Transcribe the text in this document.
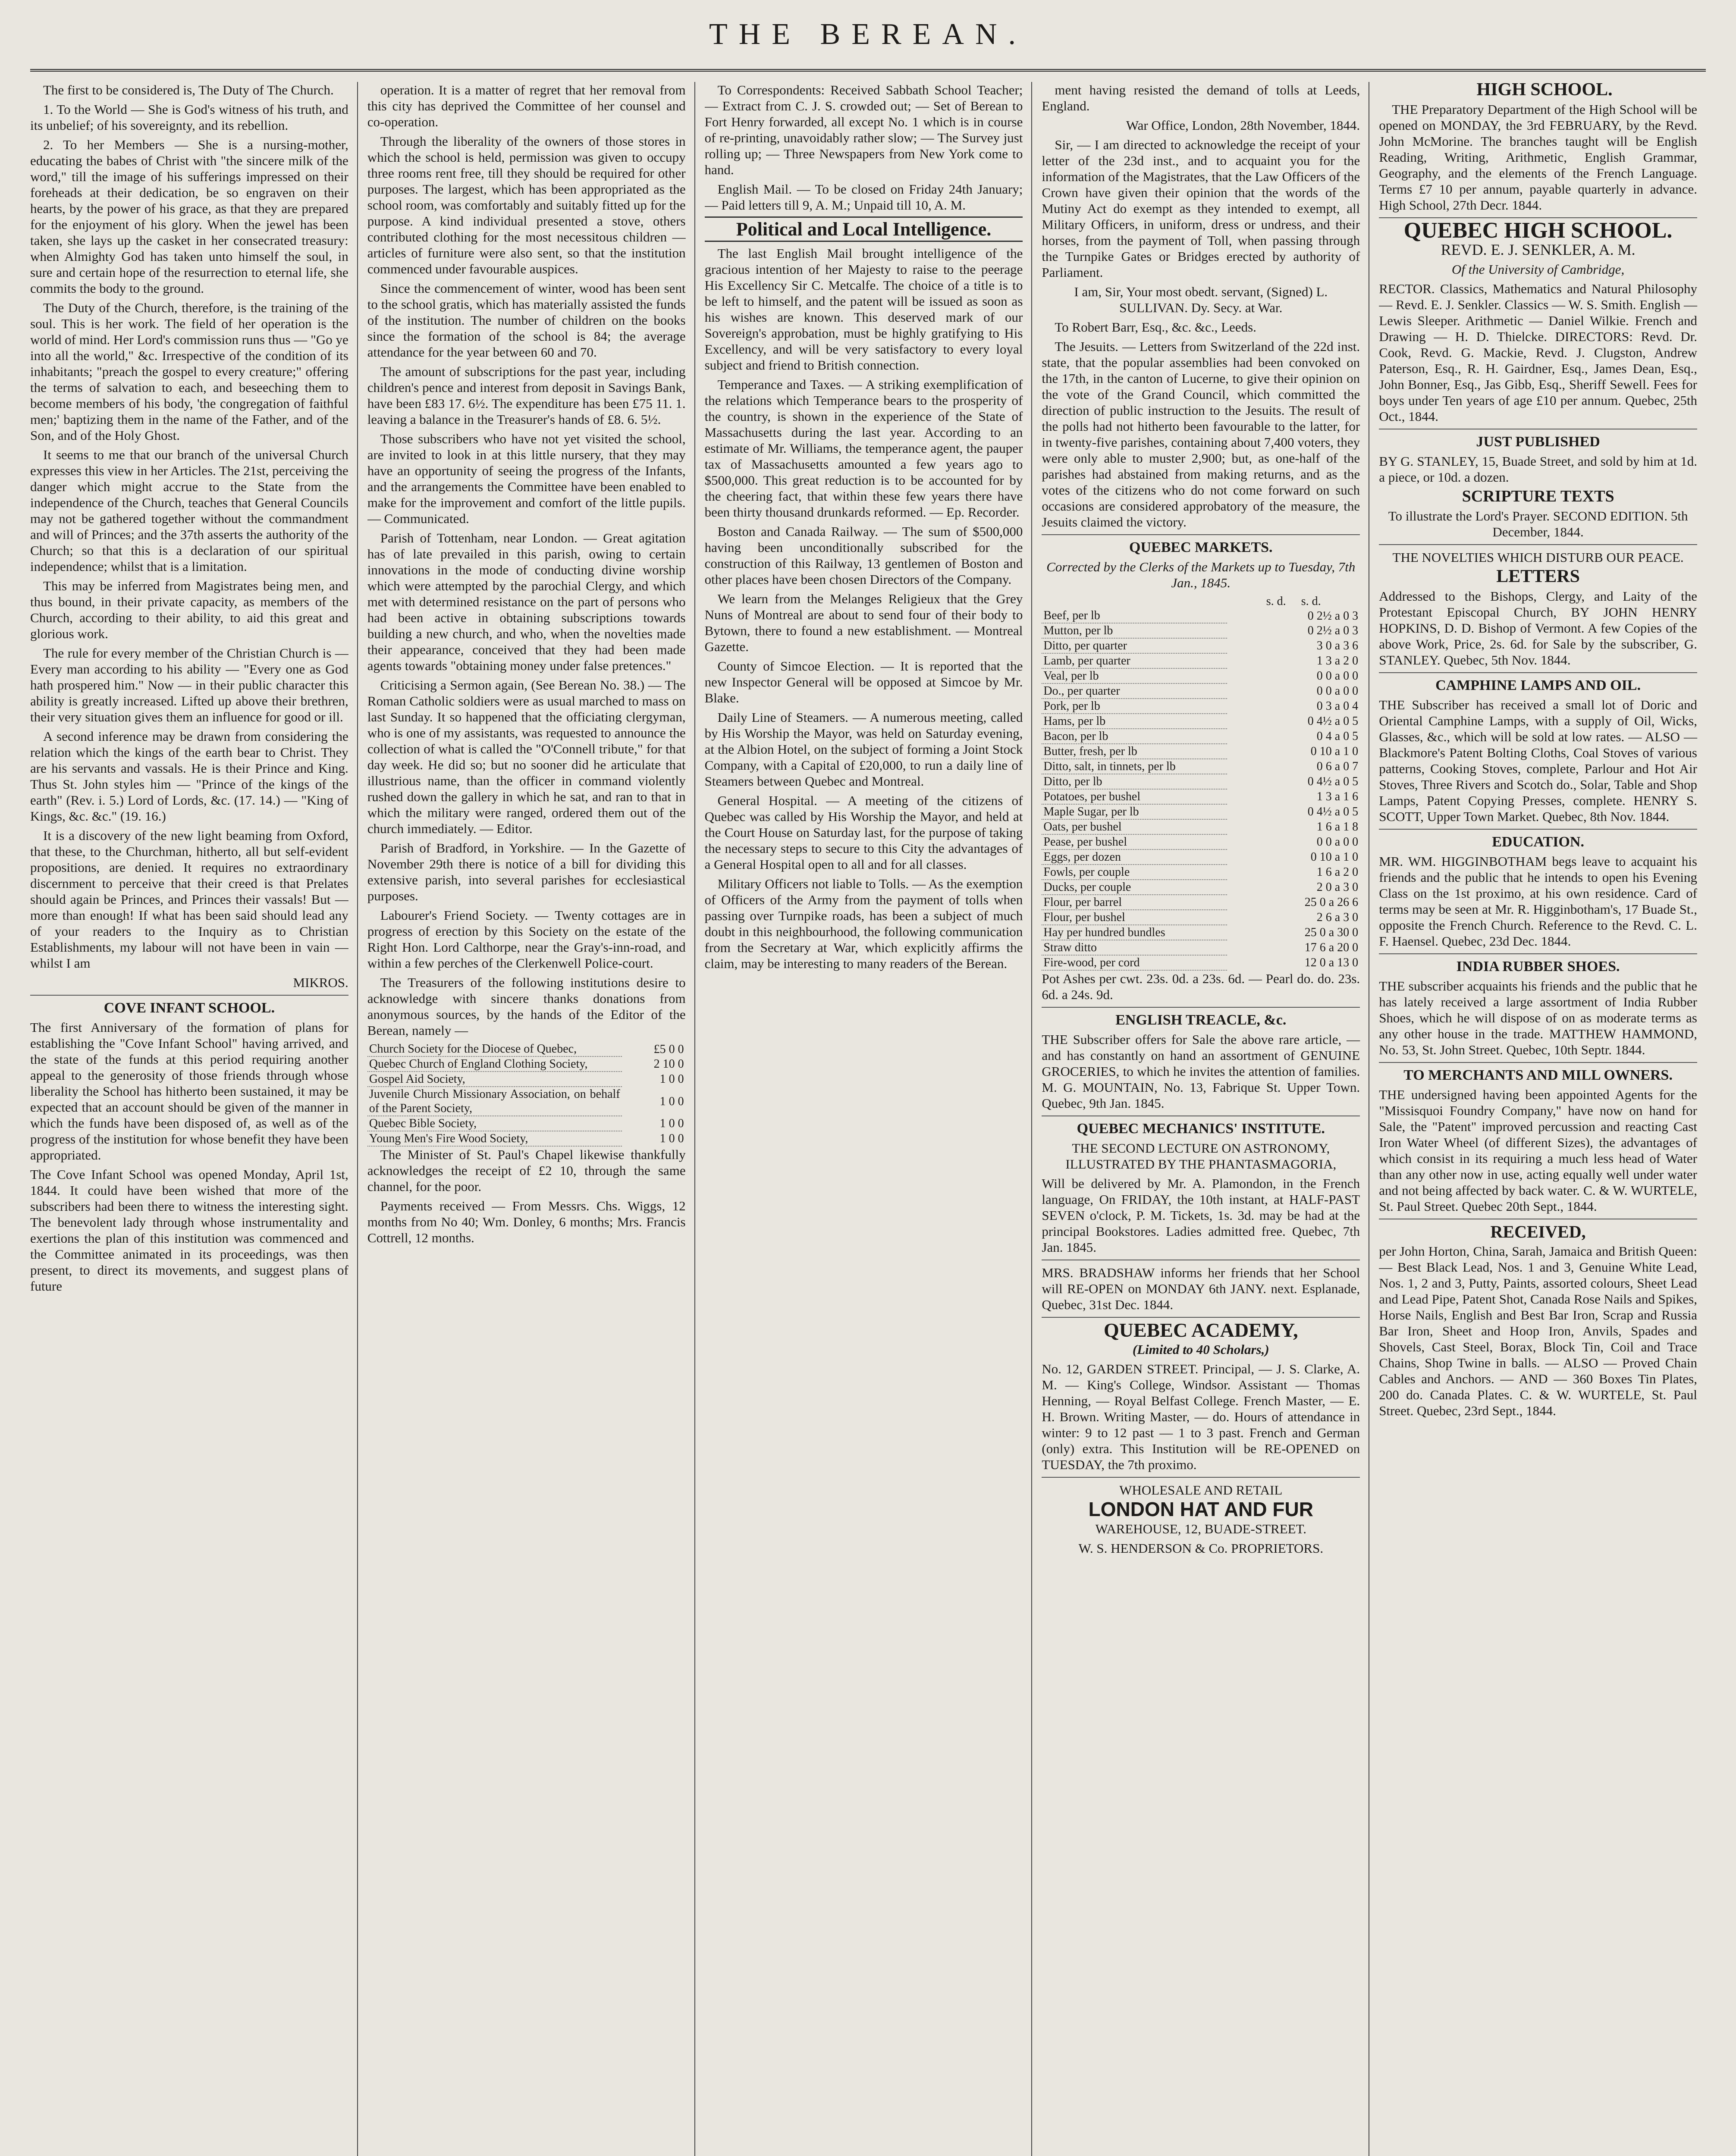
THE BEREAN.

The first to be considered is, The Duty of The Church.

1. To the World — She is God's witness of his truth, and its unbelief; of his sovereignty, and its rebellion.

2. To her Members — She is a nursing-mother, educating the babes of Christ with "the sincere milk of the word," till the image of his sufferings impressed on their foreheads at their dedication, be so engraven on their hearts, by the power of his grace, as that they are prepared for the enjoyment of his glory. When the jewel has been taken, she lays up the casket in her consecrated treasury: when Almighty God has taken unto himself the soul, in sure and certain hope of the resurrection to eternal life, she commits the body to the ground.

The Duty of the Church, therefore, is the training of the soul. This is her work. The field of her operation is the world of mind. Her Lord's commission runs thus — "Go ye into all the world," &c. Irrespective of the condition of its inhabitants; "preach the gospel to every creature;" offering the terms of salvation to each, and beseeching them to become members of his body, 'the congregation of faithful men;' baptizing them in the name of the Father, and of the Son, and of the Holy Ghost.

It seems to me that our branch of the universal Church expresses this view in her Articles. The 21st, perceiving the danger which might accrue to the State from the independence of the Church, teaches that General Councils may not be gathered together without the commandment and will of Princes; and the 37th asserts the authority of the Church; so that this is a declaration of our spiritual independence; whilst that is a limitation.

This may be inferred from Magistrates being men, and thus bound, in their private capacity, as members of the Church, according to their ability, to aid this great and glorious work.

The rule for every member of the Christian Church is — Every man according to his ability — "Every one as God hath prospered him." Now — in their public character this ability is greatly increased. Lifted up above their brethren, their very situation gives them an influence for good or ill.

A second inference may be drawn from considering the relation which the kings of the earth bear to Christ. They are his servants and vassals. He is their Prince and King. Thus St. John styles him — "Prince of the kings of the earth" (Rev. i. 5.) Lord of Lords, &c. (17. 14.) — "King of Kings, &c. &c." (19. 16.)

It is a discovery of the new light beaming from Oxford, that these, to the Churchman, hitherto, all but self-evident propositions, are denied. It requires no extraordinary discernment to perceive that their creed is that Prelates should again be Princes, and Princes their vassals! But — more than enough! If what has been said should lead any of your readers to the Inquiry as to Christian Establishments, my labour will not have been in vain — whilst I am

MIKROS.

COVE INFANT SCHOOL.

The first Anniversary of the formation of plans for establishing the "Cove Infant School" having arrived, and the state of the funds at this period requiring another appeal to the generosity of those friends through whose liberality the School has hitherto been sustained, it may be expected that an account should be given of the manner in which the funds have been disposed of, as well as of the progress of the institution for whose benefit they have been appropriated.

The Cove Infant School was opened Monday, April 1st, 1844. It could have been wished that more of the subscribers had been there to witness the interesting sight. The benevolent lady through whose instrumentality and exertions the plan of this institution was commenced and the Committee animated in its proceedings, was then present, to direct its movements, and suggest plans of future

operation. It is a matter of regret that her removal from this city has deprived the Committee of her counsel and co-operation.

Through the liberality of the owners of those stores in which the school is held, permission was given to occupy three rooms rent free, till they should be required for other purposes. The largest, which has been appropriated as the school room, was comfortably and suitably fitted up for the purpose. A kind individual presented a stove, others contributed clothing for the most necessitous children — articles of furniture were also sent, so that the institution commenced under favourable auspices.

Since the commencement of winter, wood has been sent to the school gratis, which has materially assisted the funds of the institution. The number of children on the books since the formation of the school is 84; the average attendance for the year between 60 and 70.

The amount of subscriptions for the past year, including children's pence and interest from deposit in Savings Bank, have been £83 17. 6½. The expenditure has been £75 11. 1. leaving a balance in the Treasurer's hands of £8. 6. 5½.

Those subscribers who have not yet visited the school, are invited to look in at this little nursery, that they may have an opportunity of seeing the progress of the Infants, and the arrangements the Committee have been enabled to make for the improvement and comfort of the little pupils. — Communicated.

Parish of Tottenham, near London. — Great agitation has of late prevailed in this parish, owing to certain innovations in the mode of conducting divine worship which were attempted by the parochial Clergy, and which met with determined resistance on the part of persons who had been active in obtaining subscriptions towards building a new church, and who, when the novelties made their appearance, conceived that they had been made agents towards "obtaining money under false pretences."

Criticising a Sermon again, (See Berean No. 38.) — The Roman Catholic soldiers were as usual marched to mass on last Sunday. It so happened that the officiating clergyman, who is one of my assistants, was requested to announce the collection of what is called the "O'Connell tribute," for that day week. He did so; but no sooner did he articulate that illustrious name, than the officer in command violently rushed down the gallery in which he sat, and ran to that in which the military were ranged, ordered them out of the church immediately. — Editor.

Parish of Bradford, in Yorkshire. — In the Gazette of November 29th there is notice of a bill for dividing this extensive parish, into several parishes for ecclesiastical purposes.

Labourer's Friend Society. — Twenty cottages are in progress of erection by this Society on the estate of the Right Hon. Lord Calthorpe, near the Gray's-inn-road, and within a few perches of the Clerkenwell Police-court.

The Treasurers of the following institutions desire to acknowledge with sincere thanks donations from anonymous sources, by the hands of the Editor of the Berean, namely —

Church Society for the Diocese of Quebec,	£5 0 0
Quebec Church of England Clothing Society,	2 10 0
Gospel Aid Society,	1 0 0
Juvenile Church Missionary Association, on behalf of the Parent Society,	1 0 0
Quebec Bible Society,	1 0 0
Young Men's Fire Wood Society,	1 0 0

The Minister of St. Paul's Chapel likewise thankfully acknowledges the receipt of £2 10, through the same channel, for the poor.

Payments received — From Messrs. Chs. Wiggs, 12 months from No 40; Wm. Donley, 6 months; Mrs. Francis Cottrell, 12 months.

To Correspondents: Received Sabbath School Teacher; — Extract from C. J. S. crowded out; — Set of Berean to Fort Henry forwarded, all except No. 1 which is in course of re-printing, unavoidably rather slow; — The Survey just rolling up; — Three Newspapers from New York come to hand.

English Mail. — To be closed on Friday 24th January; — Paid letters till 9, A. M.; Unpaid till 10, A. M.

Political and Local Intelligence.

The last English Mail brought intelligence of the gracious intention of her Majesty to raise to the peerage His Excellency Sir C. Metcalfe. The choice of a title is to be left to himself, and the patent will be issued as soon as his wishes are known. This deserved mark of our Sovereign's approbation, must be highly gratifying to His Excellency, and will be very satisfactory to every loyal subject and friend to British connection.

Temperance and Taxes. — A striking exemplification of the relations which Temperance bears to the prosperity of the country, is shown in the experience of the State of Massachusetts during the last year. According to an estimate of Mr. Williams, the temperance agent, the pauper tax of Massachusetts amounted a few years ago to $500,000. This great reduction is to be accounted for by the cheering fact, that within these few years there have been thirty thousand drunkards reformed. — Ep. Recorder.

Boston and Canada Railway. — The sum of $500,000 having been unconditionally subscribed for the construction of this Railway, 13 gentlemen of Boston and other places have been chosen Directors of the Company.

We learn from the Melanges Religieux that the Grey Nuns of Montreal are about to send four of their body to Bytown, there to found a new establishment. — Montreal Gazette.

County of Simcoe Election. — It is reported that the new Inspector General will be opposed at Simcoe by Mr. Blake.

Daily Line of Steamers. — A numerous meeting, called by His Worship the Mayor, was held on Saturday evening, at the Albion Hotel, on the subject of forming a Joint Stock Company, with a Capital of £20,000, to run a daily line of Steamers between Quebec and Montreal.

General Hospital. — A meeting of the citizens of Quebec was called by His Worship the Mayor, and held at the Court House on Saturday last, for the purpose of taking the necessary steps to secure to this City the advantages of a General Hospital open to all and for all classes.

Military Officers not liable to Tolls. — As the exemption of Officers of the Army from the payment of tolls when passing over Turnpike roads, has been a subject of much doubt in this neighbourhood, the following communication from the Secretary at War, which explicitly affirms the claim, may be interesting to many readers of the Berean.

ment having resisted the demand of tolls at Leeds, England.

War Office, London, 28th November, 1844.

Sir, — I am directed to acknowledge the receipt of your letter of the 23d inst., and to acquaint you for the information of the Magistrates, that the Law Officers of the Crown have given their opinion that the words of the Mutiny Act do exempt as they intended to exempt, all Military Officers, in uniform, dress or undress, and their horses, from the payment of Toll, when passing through the Turnpike Gates or Bridges erected by authority of Parliament.

I am, Sir, Your most obedt. servant, (Signed) L. SULLIVAN. Dy. Secy. at War.

To Robert Barr, Esq., &c. &c., Leeds.

The Jesuits. — Letters from Switzerland of the 22d inst. state, that the popular assemblies had been convoked on the 17th, in the canton of Lucerne, to give their opinion on the vote of the Grand Council, which committed the direction of public instruction to the Jesuits. The result of the polls had not hitherto been favourable to the latter, for in twenty-five parishes, containing about 7,400 voters, they were only able to muster 2,900; but, as one-half of the parishes had abstained from making returns, and as the votes of the citizens who do not come forward on such occasions are considered approbatory of the measure, the Jesuits claimed the victory.

QUEBEC MARKETS.

Corrected by the Clerks of the Markets up to Tuesday, 7th Jan., 1845.

	s. d. s. d.
Beef, per lb	0 2½ a 0 3
Mutton, per lb	0 2½ a 0 3
Ditto, per quarter	3 0 a 3 6
Lamb, per quarter	1 3 a 2 0
Veal, per lb	0 0 a 0 0
Do., per quarter	0 0 a 0 0
Pork, per lb	0 3 a 0 4
Hams, per lb	0 4½ a 0 5
Bacon, per lb	0 4 a 0 5
Butter, fresh, per lb	0 10 a 1 0
Ditto, salt, in tinnets, per lb	0 6 a 0 7
Ditto, per lb	0 4½ a 0 5
Potatoes, per bushel	1 3 a 1 6
Maple Sugar, per lb	0 4½ a 0 5
Oats, per bushel	1 6 a 1 8
Pease, per bushel	0 0 a 0 0
Eggs, per dozen	0 10 a 1 0
Fowls, per couple	1 6 a 2 0
Ducks, per couple	2 0 a 3 0
Flour, per barrel	25 0 a 26 6
Flour, per bushel	2 6 a 3 0
Hay per hundred bundles	25 0 a 30 0
Straw ditto	17 6 a 20 0
Fire-wood, per cord	12 0 a 13 0

Pot Ashes per cwt. 23s. 0d. a 23s. 6d. — Pearl do. do. 23s. 6d. a 24s. 9d.

ENGLISH TREACLE, &c.

THE Subscriber offers for Sale the above rare article, — and has constantly on hand an assortment of GENUINE GROCERIES, to which he invites the attention of families. M. G. MOUNTAIN, No. 13, Fabrique St. Upper Town. Quebec, 9th Jan. 1845.

QUEBEC MECHANICS' INSTITUTE.

THE SECOND LECTURE ON ASTRONOMY, ILLUSTRATED BY THE PHANTASMAGORIA,

Will be delivered by Mr. A. Plamondon, in the French language, On FRIDAY, the 10th instant, at HALF-PAST SEVEN o'clock, P. M. Tickets, 1s. 3d. may be had at the principal Bookstores. Ladies admitted free. Quebec, 7th Jan. 1845.

MRS. BRADSHAW informs her friends that her School will RE-OPEN on MONDAY 6th JANY. next. Esplanade, Quebec, 31st Dec. 1844.

QUEBEC ACADEMY,

(Limited to 40 Scholars,)

No. 12, GARDEN STREET. Principal, — J. S. Clarke, A. M. — King's College, Windsor. Assistant — Thomas Henning, — Royal Belfast College. French Master, — E. H. Brown. Writing Master, — do. Hours of attendance in winter: 9 to 12 past — 1 to 3 past. French and German (only) extra. This Institution will be RE-OPENED on TUESDAY, the 7th proximo.

WHOLESALE AND RETAIL

LONDON HAT AND FUR

WAREHOUSE, 12, BUADE-STREET.

W. S. HENDERSON & Co. PROPRIETORS.

HIGH SCHOOL.

THE Preparatory Department of the High School will be opened on MONDAY, the 3rd FEBRUARY, by the Revd. John McMorine. The branches taught will be English Reading, Writing, Arithmetic, English Grammar, Geography, and the elements of the French Language. Terms £7 10 per annum, payable quarterly in advance. High School, 27th Decr. 1844.

QUEBEC HIGH SCHOOL.

REVD. E. J. SENKLER, A. M.

Of the University of Cambridge,

RECTOR. Classics, Mathematics and Natural Philosophy — Revd. E. J. Senkler. Classics — W. S. Smith. English — Lewis Sleeper. Arithmetic — Daniel Wilkie. French and Drawing — H. D. Thielcke. DIRECTORS: Revd. Dr. Cook, Revd. G. Mackie, Revd. J. Clugston, Andrew Paterson, Esq., R. H. Gairdner, Esq., James Dean, Esq., John Bonner, Esq., Jas Gibb, Esq., Sheriff Sewell. Fees for boys under Ten years of age £10 per annum. Quebec, 25th Oct., 1844.

JUST PUBLISHED

BY G. STANLEY, 15, Buade Street, and sold by him at 1d. a piece, or 10d. a dozen.

SCRIPTURE TEXTS

To illustrate the Lord's Prayer. SECOND EDITION. 5th December, 1844.

THE NOVELTIES WHICH DISTURB OUR PEACE.

LETTERS

Addressed to the Bishops, Clergy, and Laity of the Protestant Episcopal Church, BY JOHN HENRY HOPKINS, D. D. Bishop of Vermont. A few Copies of the above Work, Price, 2s. 6d. for Sale by the subscriber, G. STANLEY. Quebec, 5th Nov. 1844.

CAMPHINE LAMPS AND OIL.

THE Subscriber has received a small lot of Doric and Oriental Camphine Lamps, with a supply of Oil, Wicks, Glasses, &c., which will be sold at low rates. — ALSO — Blackmore's Patent Bolting Cloths, Coal Stoves of various patterns, Cooking Stoves, complete, Parlour and Hot Air Stoves, Three Rivers and Scotch do., Solar, Table and Shop Lamps, Patent Copying Presses, complete. HENRY S. SCOTT, Upper Town Market. Quebec, 8th Nov. 1844.

EDUCATION.

MR. WM. HIGGINBOTHAM begs leave to acquaint his friends and the public that he intends to open his Evening Class on the 1st proximo, at his own residence. Card of terms may be seen at Mr. R. Higginbotham's, 17 Buade St., opposite the French Church. Reference to the Revd. C. L. F. Haensel. Quebec, 23d Dec. 1844.

INDIA RUBBER SHOES.

THE subscriber acquaints his friends and the public that he has lately received a large assortment of India Rubber Shoes, which he will dispose of on as moderate terms as any other house in the trade. MATTHEW HAMMOND, No. 53, St. John Street. Quebec, 10th Septr. 1844.

TO MERCHANTS AND MILL OWNERS.

THE undersigned having been appointed Agents for the "Missisquoi Foundry Company," have now on hand for Sale, the "Patent" improved percussion and reacting Cast Iron Water Wheel (of different Sizes), the advantages of which consist in its requiring a much less head of Water than any other now in use, acting equally well under water and not being affected by back water. C. & W. WURTELE, St. Paul Street. Quebec 20th Sept., 1844.

RECEIVED,

per John Horton, China, Sarah, Jamaica and British Queen: — Best Black Lead, Nos. 1 and 3, Genuine White Lead, Nos. 1, 2 and 3, Putty, Paints, assorted colours, Sheet Lead and Lead Pipe, Patent Shot, Canada Rose Nails and Spikes, Horse Nails, English and Best Bar Iron, Scrap and Russia Bar Iron, Sheet and Hoop Iron, Anvils, Spades and Shovels, Cast Steel, Borax, Block Tin, Coil and Trace Chains, Shop Twine in balls. — ALSO — Proved Chain Cables and Anchors. — AND — 360 Boxes Tin Plates, 200 do. Canada Plates. C. & W. WURTELE, St. Paul Street. Quebec, 23rd Sept., 1844.
